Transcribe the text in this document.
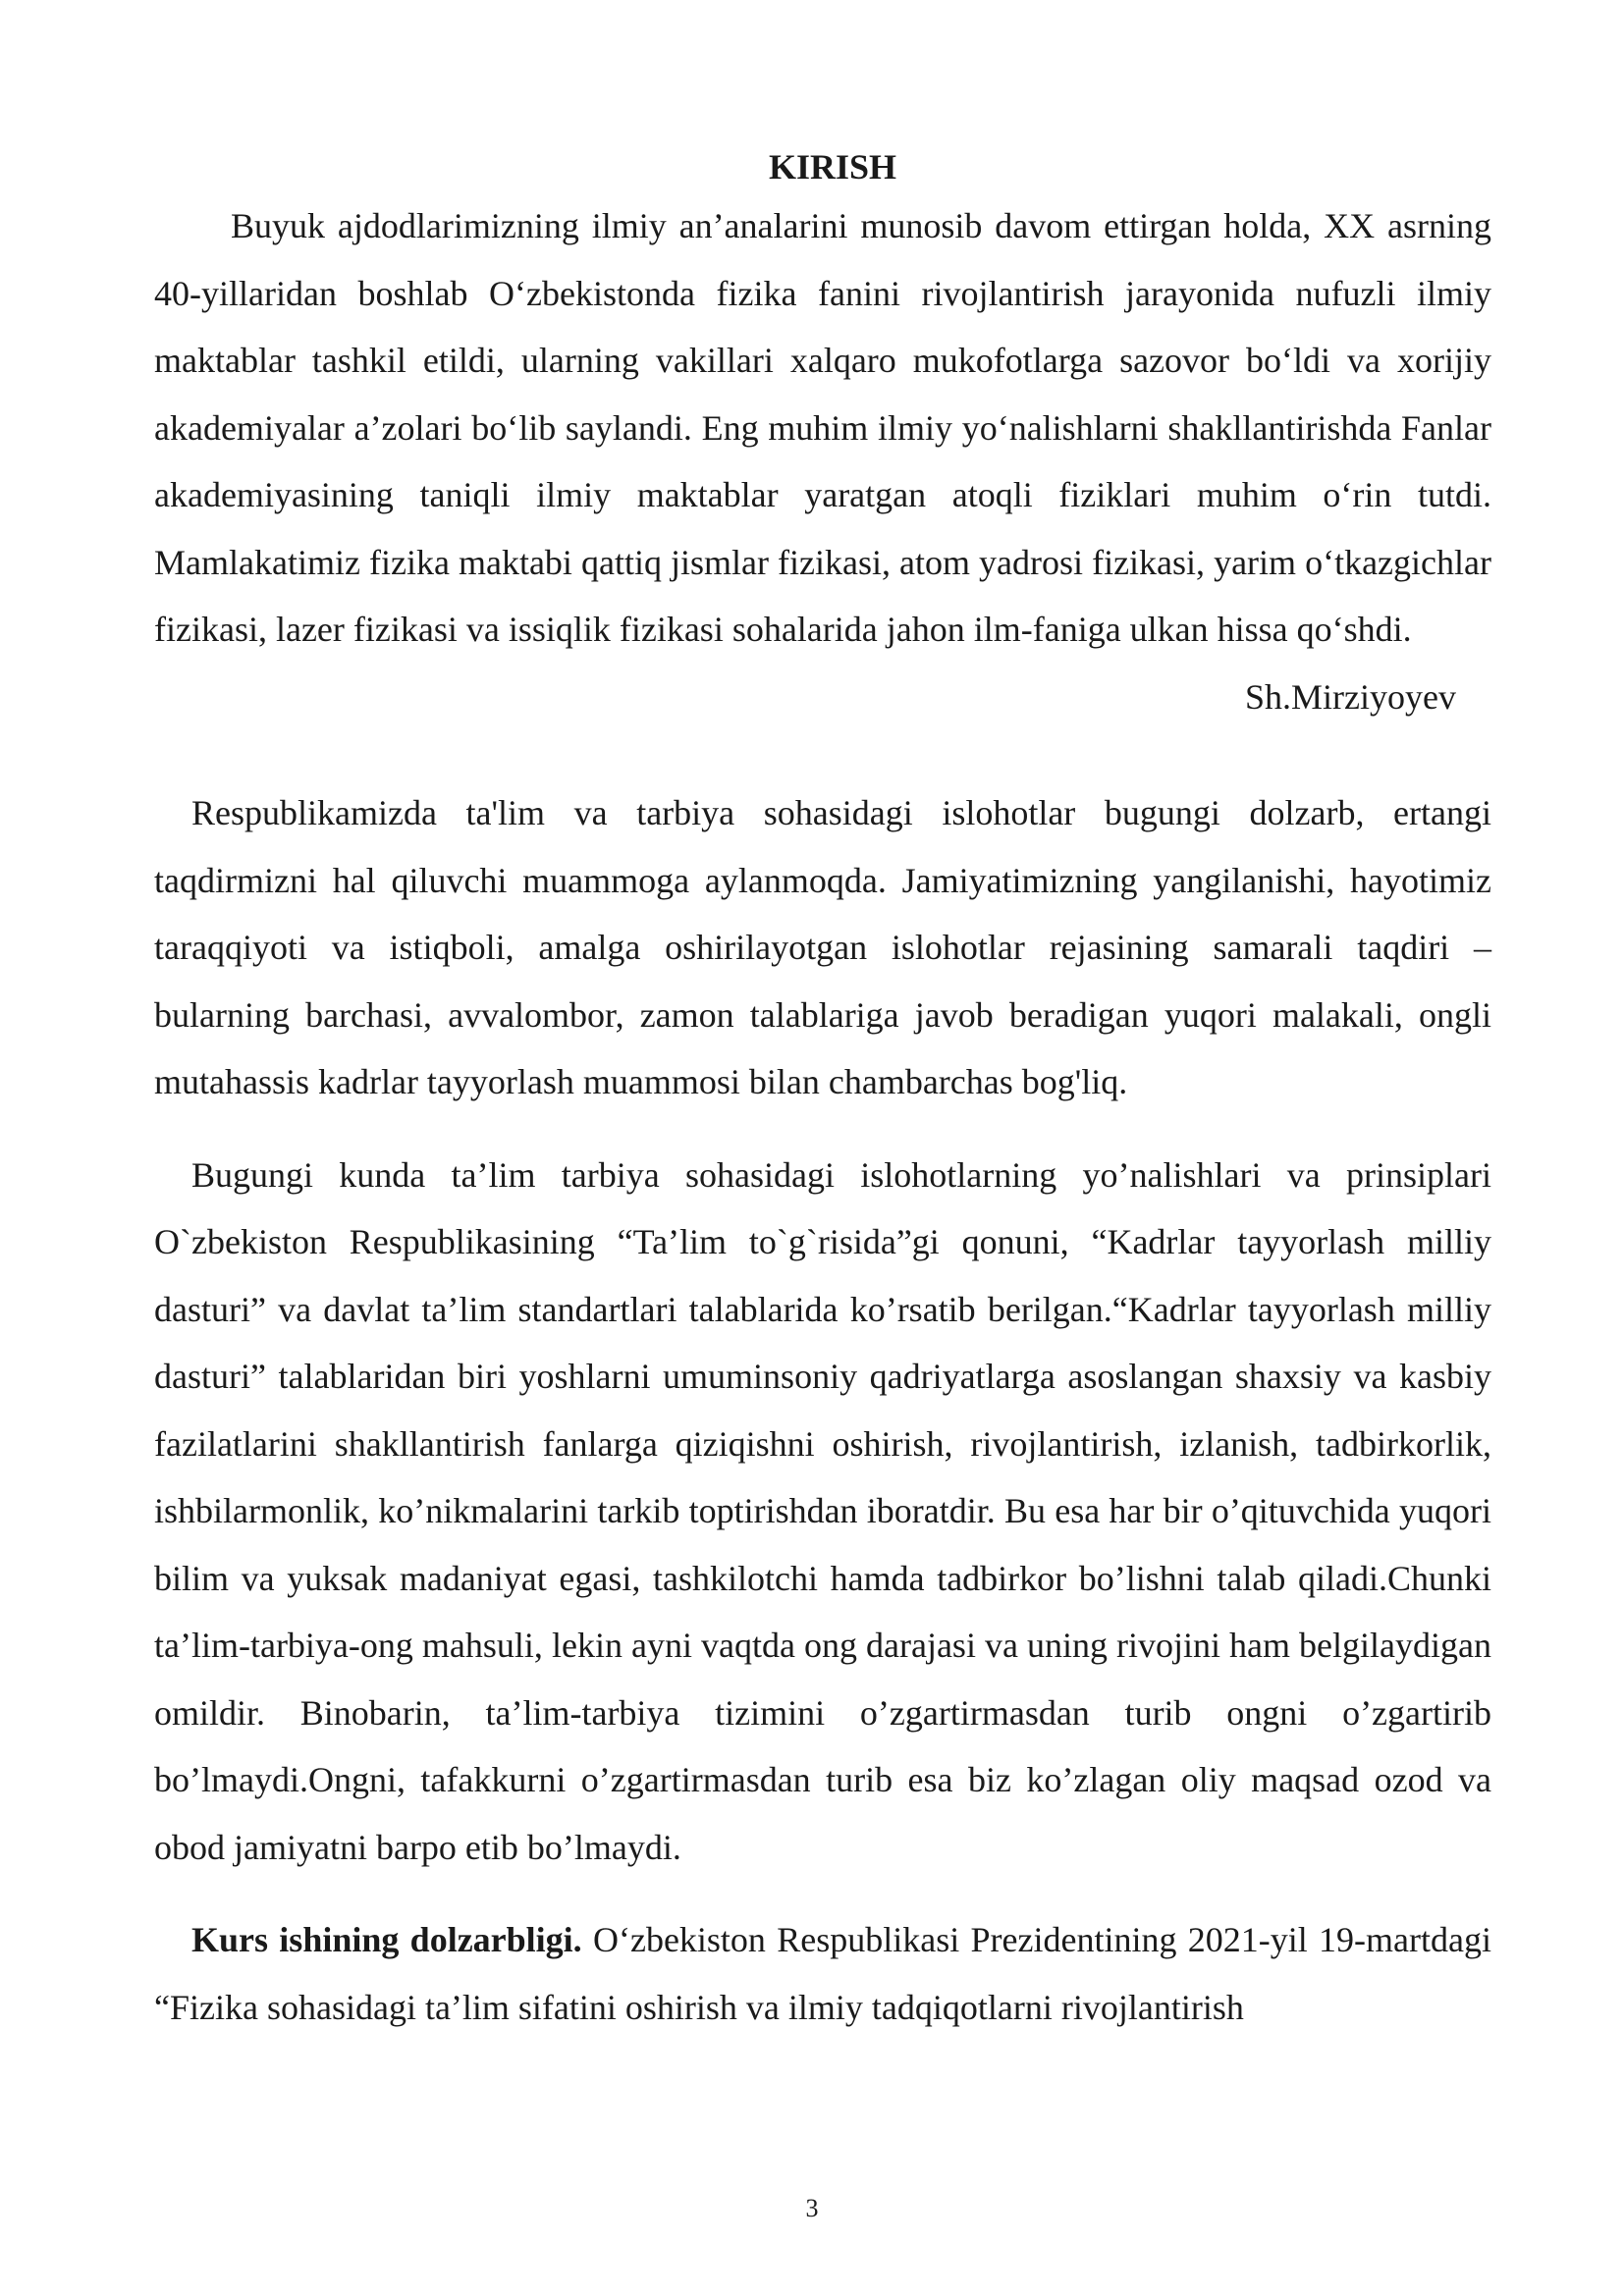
KIRISH

Buyuk ajdodlarimizning ilmiy an’analarini munosib davom ettirgan holda, XX asrning 40-yillaridan boshlab O‘zbekistonda fizika fanini rivojlantirish jarayonida nufuzli ilmiy maktablar tashkil etildi, ularning vakillari xalqaro mukofotlarga sazovor bo‘ldi va xorijiy akademiyalar a’zolari bo‘lib saylandi. Eng muhim ilmiy yo‘nalishlarni shakllantirishda Fanlar akademiyasining taniqli ilmiy maktablar yaratgan atoqli fiziklari muhim o‘rin tutdi. Mamlakatimiz fizika maktabi qattiq jismlar fizikasi, atom yadrosi fizikasi, yarim o‘tkazgichlar fizikasi, lazer fizikasi va issiqlik fizikasi sohalarida jahon ilm-faniga ulkan hissa qo‘shdi.

Sh.Mirziyoyev

Respublikamizda ta'lim va tarbiya sohasidagi islohotlar bugungi dolzarb, ertangi taqdirmizni hal qiluvchi muammoga aylanmoqda. Jamiyatimizning yangilanishi, hayotimiz taraqqiyoti va istiqboli, amalga oshirilayotgan islohotlar rejasining samarali taqdiri – bularning barchasi, avvalombor, zamon talablariga javob beradigan yuqori malakali, ongli mutahassis kadrlar tayyorlash muammosi bilan chambarchas bog'liq.

Bugungi kunda ta’lim tarbiya sohasidagi islohotlarning yo’nalishlari va prinsiplari O`zbekiston Respublikasining “Ta’lim to`g`risida”gi qonuni, “Kadrlar tayyorlash milliy dasturi” va davlat ta’lim standartlari talablarida ko’rsatib berilgan.“Kadrlar tayyorlash milliy dasturi” talablaridan biri yoshlarni umuminsoniy qadriyatlarga asoslangan shaxsiy va kasbiy fazilatlarini shakllantirish fanlarga qiziqishni oshirish, rivojlantirish, izlanish, tadbirkorlik, ishbilarmonlik, ko’nikmalarini tarkib toptirishdan iboratdir. Bu esa har bir o’qituvchida yuqori bilim va yuksak madaniyat egasi, tashkilotchi hamda tadbirkor bo’lishni talab qiladi.Chunki ta’lim-tarbiya-ong mahsuli, lekin ayni vaqtda ong darajasi va uning rivojini ham belgilaydigan omildir. Binobarin, ta’lim-tarbiya tizimini o’zgartirmasdan turib ongni o’zgartirib bo’lmaydi.Ongni, tafakkurni o’zgartirmasdan turib esa biz ko’zlagan oliy maqsad ozod va obod jamiyatni barpo etib bo’lmaydi.

Kurs ishining dolzarbligi. O‘zbekiston Respublikasi Prezidentining 2021-yil 19-martdagi “Fizika sohasidagi ta’lim sifatini oshirish va ilmiy tadqiqotlarni rivojlantirish

3
